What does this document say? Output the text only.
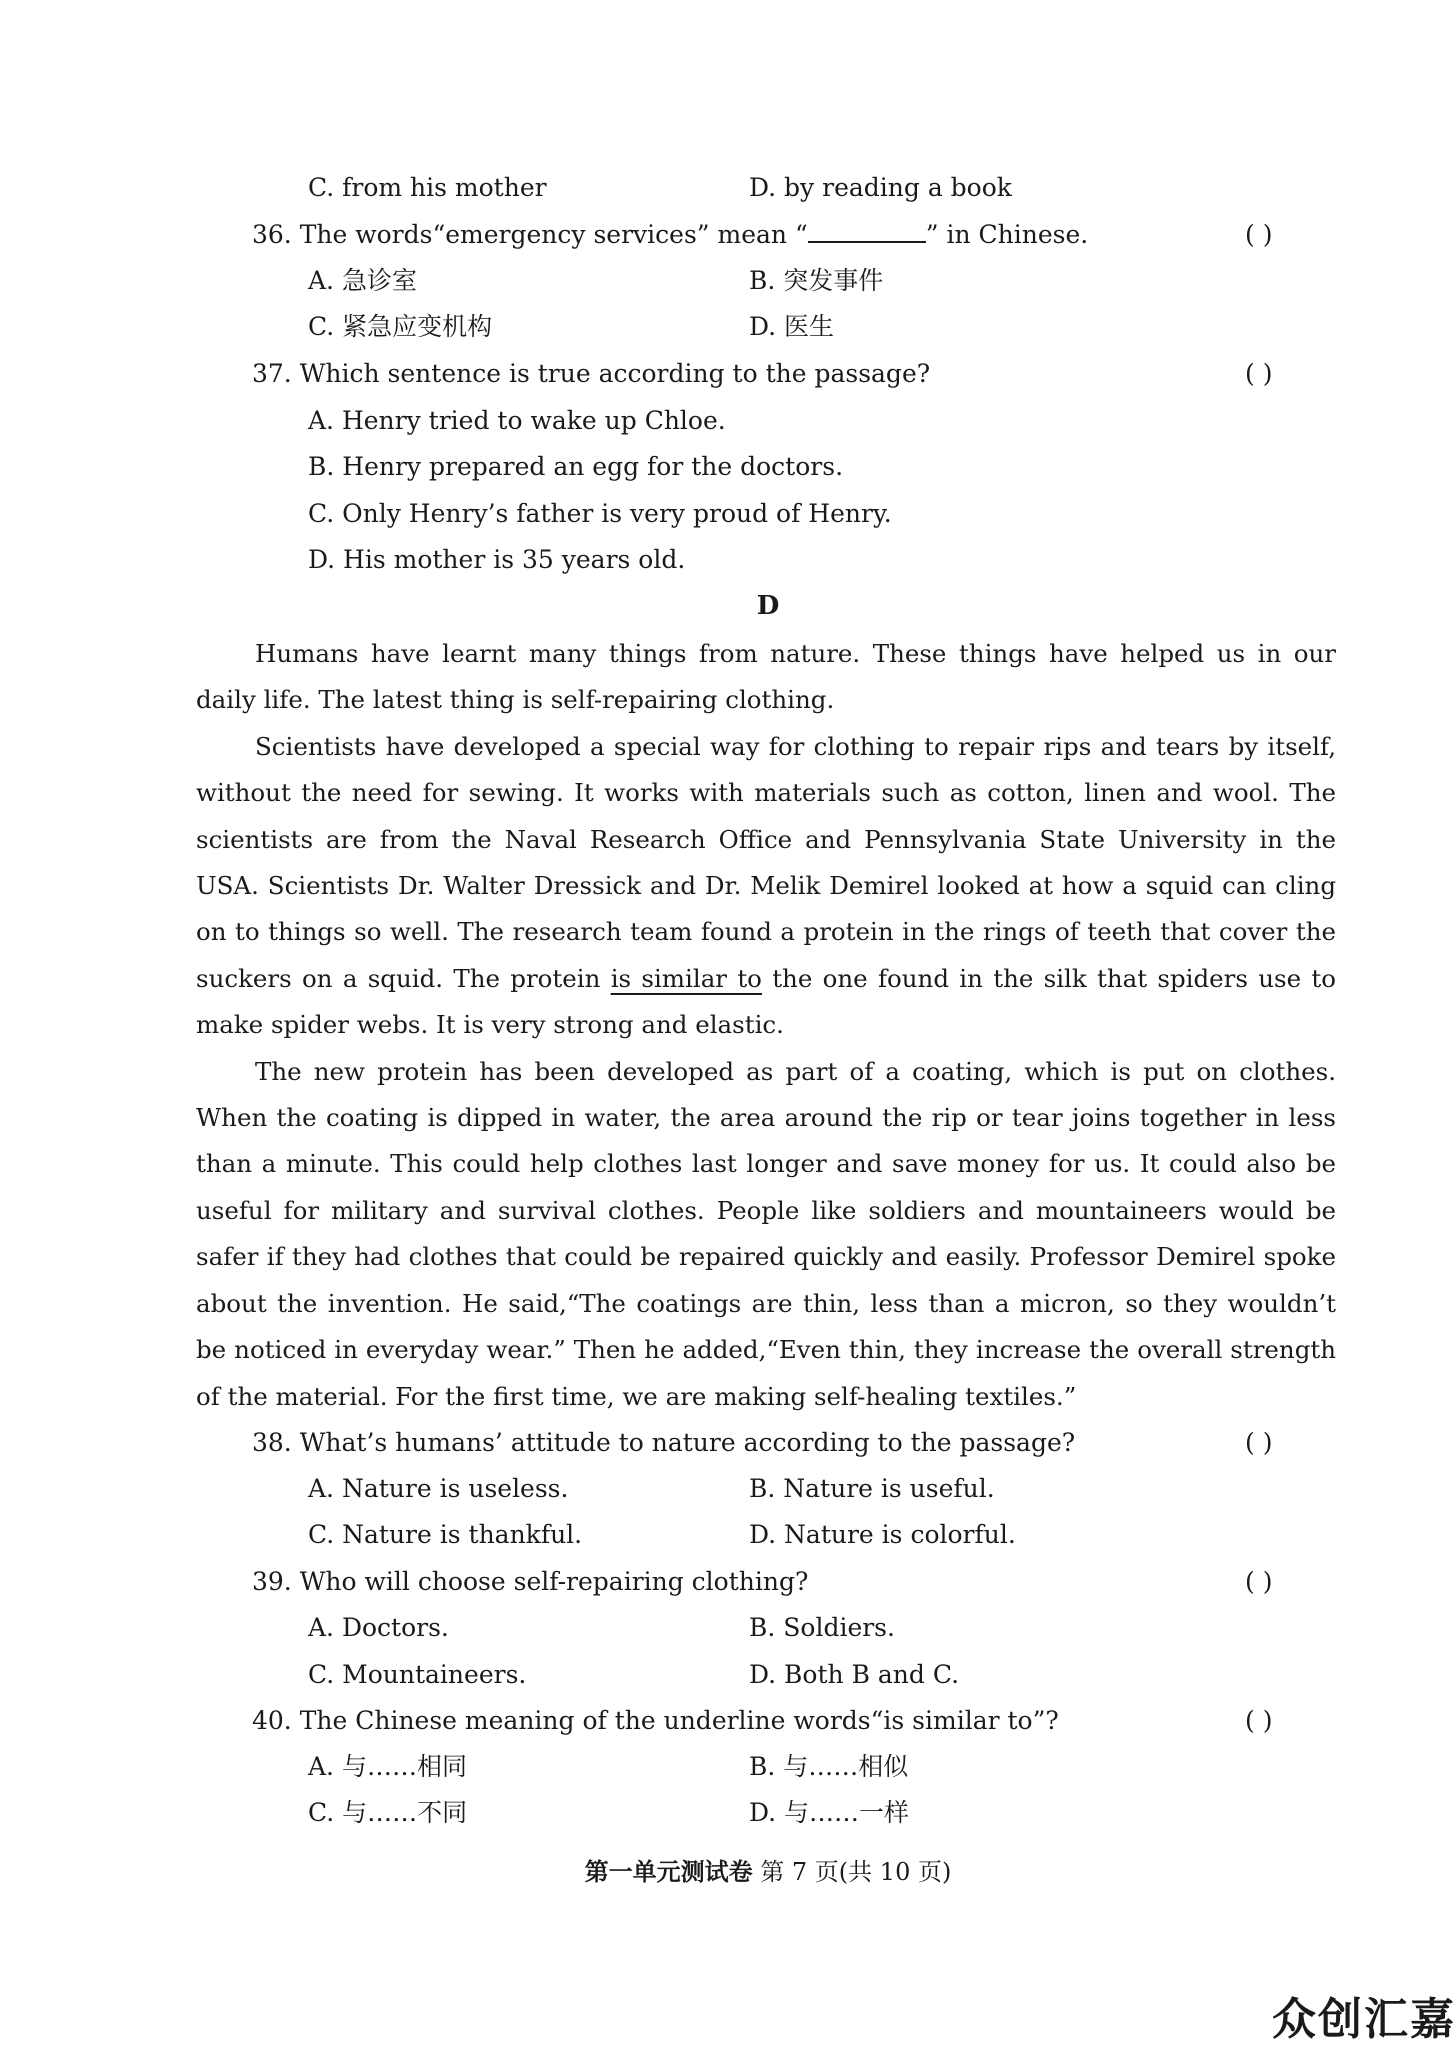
C. from his mother	D. by reading a book
36. The words“emergency services” mean “	” in Chinese.	( )
A. 急诊室	B. 突发事件
C. 紧急应变机构	D. 医生
37. Which sentence is true according to the passage?	( )
A. Henry tried to wake up Chloe.
B. Henry prepared an egg for the doctors.
C. Only Henry’s father is very proud of Henry.
D. His mother is 35 years old.
D

Humans have learnt many things from nature. These things have helped us in our daily life. The latest thing is self-repairing clothing.

Scientists have developed a special way for clothing to repair rips and tears by itself, without the need for sewing. It works with materials such as cotton, linen and wool. The scientists are from the Naval Research Office and Pennsylvania State University in the USA. Scientists Dr. Walter Dressick and Dr. Melik Demirel looked at how a squid can cling on to things so well. The research team found a protein in the rings of teeth that cover the suckers on a squid. The protein is similar to the one found in the silk that spiders use to make spider webs. It is very strong and elastic.

The new protein has been developed as part of a coating, which is put on clothes. When the coating is dipped in water, the area around the rip or tear joins together in less than a minute. This could help clothes last longer and save money for us. It could also be useful for military and survival clothes. People like soldiers and mountaineers would be safer if they had clothes that could be repaired quickly and easily. Professor Demirel spoke about the invention. He said,“The coatings are thin, less than a micron, so they wouldn’t be noticed in everyday wear.” Then he added,“Even thin, they increase the overall strength of the material. For the first time, we are making self-healing textiles.”

38. What’s humans’ attitude to nature according to the passage?	( )
A. Nature is useless.	B. Nature is useful.
C. Nature is thankful.	D. Nature is colorful.
39. Who will choose self-repairing clothing?	( )
A. Doctors.	B. Soldiers.
C. Mountaineers.	D. Both B and C.
40. The Chinese meaning of the underline words“is similar to”?	( )
A. 与……相同	B. 与……相似
C. 与……不同	D. 与……一样
第一单元测试卷 第 7 页(共 10 页)
众创汇嘉
